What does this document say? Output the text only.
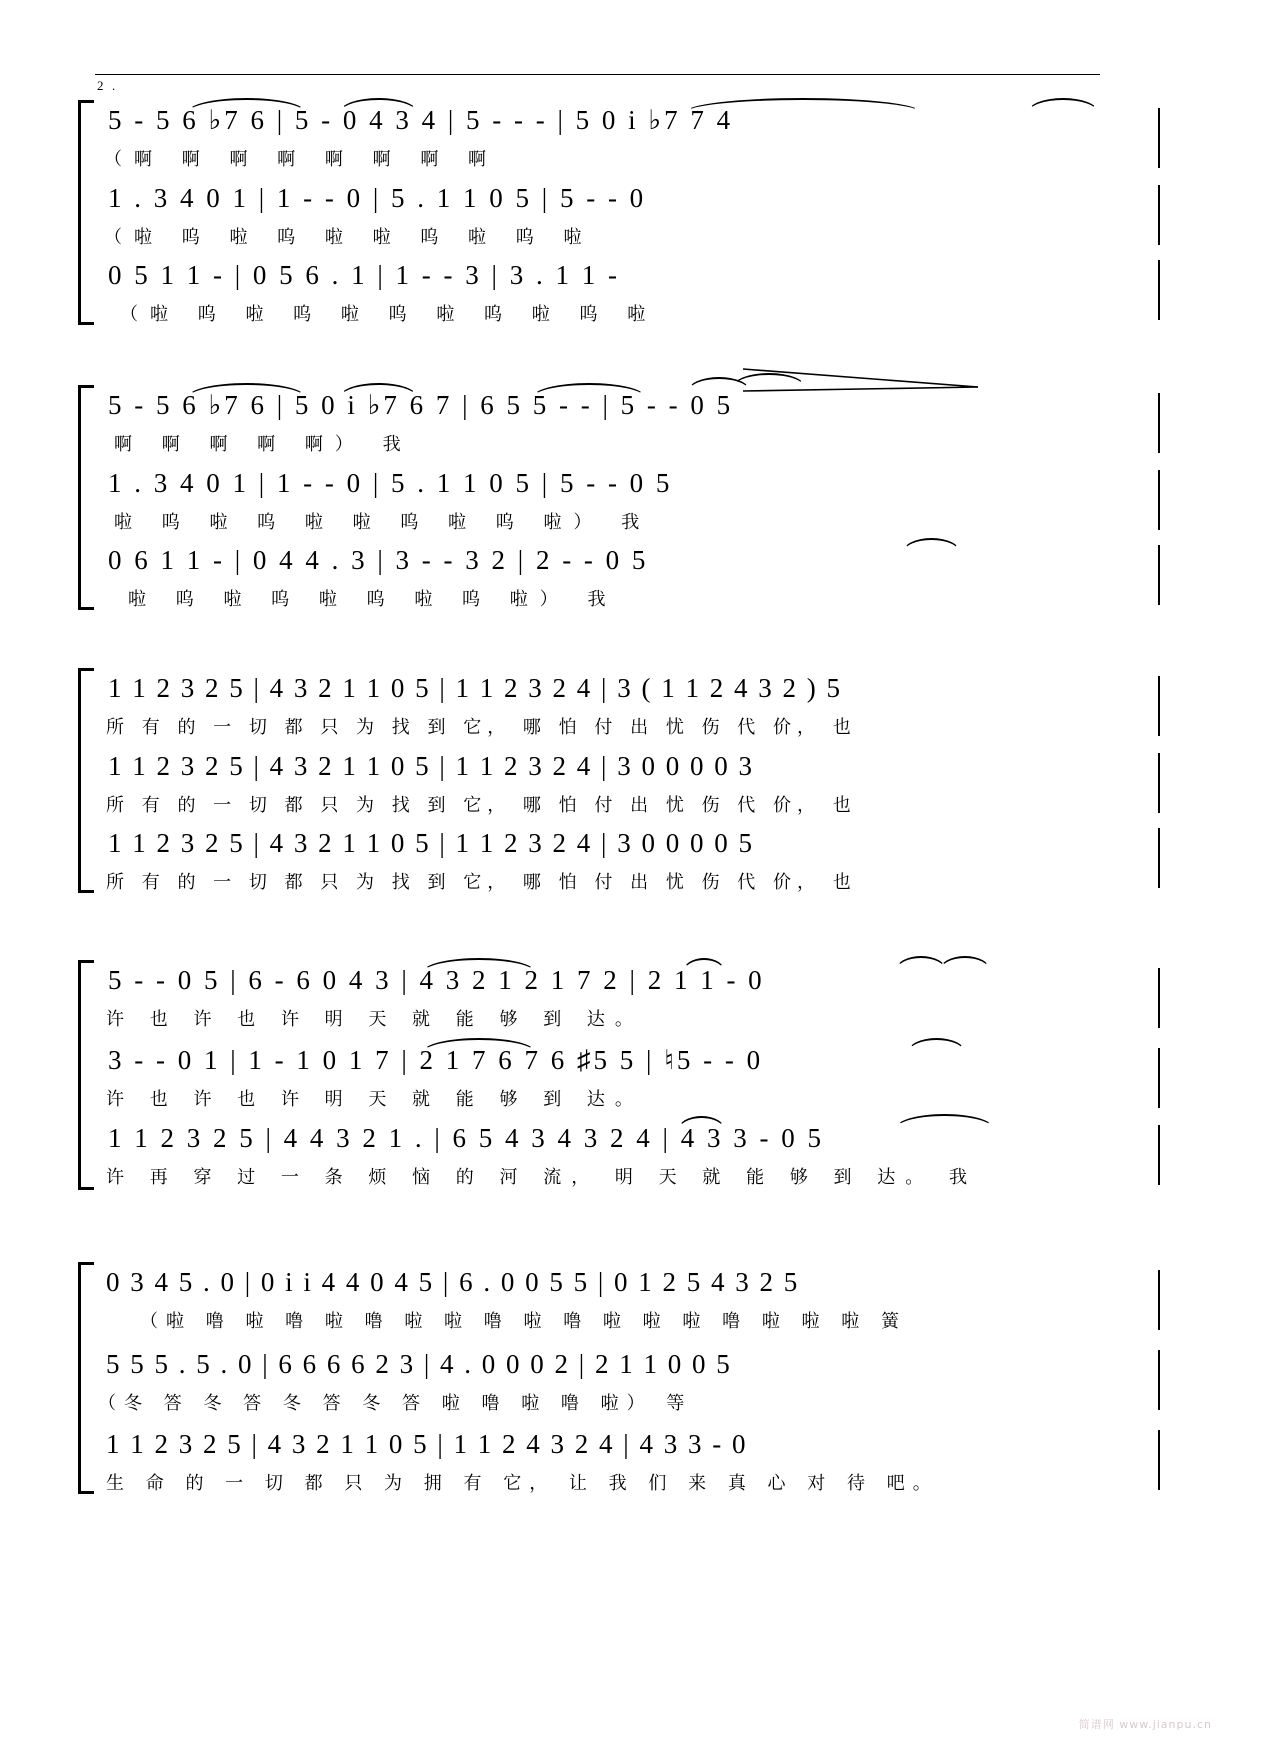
2 .
5 - 5 6 ♭7 6 | 5 - 0 4 3 4 | 5 - - - | 5 0 i ♭7 7 4
（啊 啊 啊 啊 啊 啊 啊 啊
1 . 3 4 0 1 | 1 - - 0 | 5 . 1 1 0 5 | 5 - - 0
（啦 呜 啦 呜 啦 啦 呜 啦 呜 啦
0 5 1 1 - | 0 5 6 . 1 | 1 - - 3 | 3 . 1 1 -
（啦 呜 啦 呜 啦 呜 啦 呜 啦 呜 啦
5 - 5 6 ♭7 6 | 5 0 i ♭7 6 7 | 6 5 5 - - | 5 - - 0 5
啊 啊 啊 啊 啊） 我
1 . 3 4 0 1 | 1 - - 0 | 5 . 1 1 0 5 | 5 - - 0 5
啦 呜 啦 呜 啦 啦 呜 啦 呜 啦） 我
0 6 1 1 - | 0 4 4 . 3 | 3 - - 3 2 | 2 - - 0 5
啦 呜 啦 呜 啦 呜 啦 呜 啦） 我
1 1 2 3 2 5 | 4 3 2 1 1 0 5 | 1 1 2 3 2 4 | 3 ( 1 1 2 4 3 2 ) 5
所 有 的 一 切 都 只 为 找 到 它， 哪 怕 付 出 忧 伤 代 价， 也
1 1 2 3 2 5 | 4 3 2 1 1 0 5 | 1 1 2 3 2 4 | 3 0 0 0 0 3
所 有 的 一 切 都 只 为 找 到 它， 哪 怕 付 出 忧 伤 代 价， 也
1 1 2 3 2 5 | 4 3 2 1 1 0 5 | 1 1 2 3 2 4 | 3 0 0 0 0 5
所 有 的 一 切 都 只 为 找 到 它， 哪 怕 付 出 忧 伤 代 价， 也
5 - - 0 5 | 6 - 6 0 4 3 | 4 3 2 1 2 1 7 2 | 2 1 1 - 0
许 也 许 也 许 明 天 就 能 够 到 达。
3 - - 0 1 | 1 - 1 0 1 7 | 2 1 7 6 7 6 ♯5 5 | ♮5 - - 0
许 也 许 也 许 明 天 就 能 够 到 达。
1 1 2 3 2 5 | 4 4 3 2 1 . | 6 5 4 3 4 3 2 4 | 4 3 3 - 0 5
许 再 穿 过 一 条 烦 恼 的 河 流， 明 天 就 能 够 到 达。 我
0 3 4 5 . 0 | 0 i i 4 4 0 4 5 | 6 . 0 0 5 5 | 0 1 2 5 4 3 2 5
（啦 噜 啦 噜 啦 噜 啦 啦 噜 啦 噜 啦 啦 啦 噜 啦 啦 啦 簧
5 5 5 . 5 . 0 | 6 6 6 6 2 3 | 4 . 0 0 0 2 | 2 1 1 0 0 5
（冬 答 冬 答 冬 答 冬 答 啦 噜 啦 噜 啦） 等
1 1 2 3 2 5 | 4 3 2 1 1 0 5 | 1 1 2 4 3 2 4 | 4 3 3 - 0
生 命 的 一 切 都 只 为 拥 有 它， 让 我 们 来 真 心 对 待 吧。
简谱网 www.jianpu.cn
